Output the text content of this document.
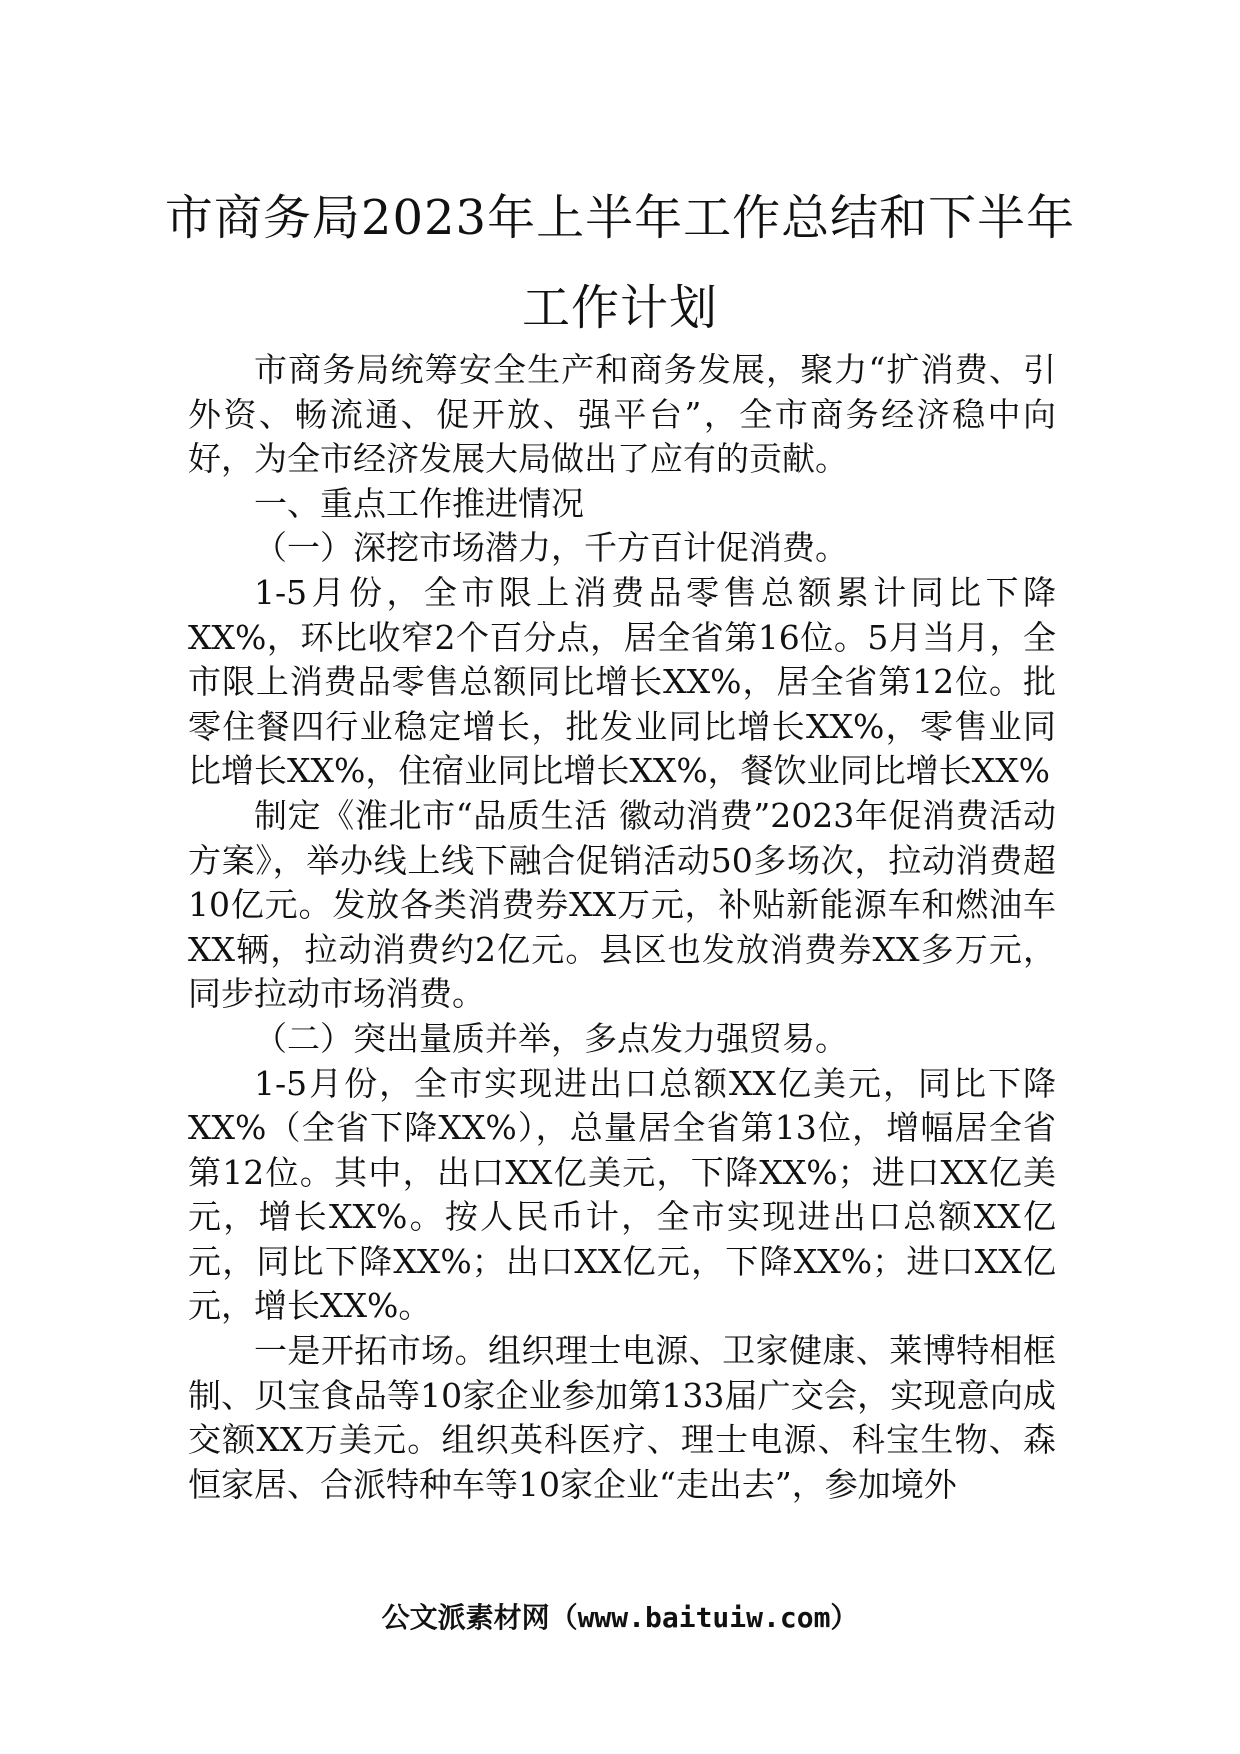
市商务局2023年上半年工作总结和下半年
工作计划

市商务局统筹安全生产和商务发展，聚力“扩消费、引外资、畅流通、促开放、强平台”，全市商务经济稳中向好，为全市经济发展大局做出了应有的贡献。

一、重点工作推进情况

（一）深挖市场潜力，千方百计促消费。

1-5月份，全市限上消费品零售总额累计同比下降XX%，环比收窄2个百分点，居全省第16位。5月当月，全市限上消费品零售总额同比增长XX%，居全省第12位。批零住餐四行业稳定增长，批发业同比增长XX%，零售业同比增长XX%，住宿业同比增长XX%，餐饮业同比增长XX%

制定《淮北市“品质生活 徽动消费”2023年促消费活动方案》，举办线上线下融合促销活动50多场次，拉动消费超10亿元。发放各类消费券XX万元，补贴新能源车和燃油车XX辆，拉动消费约2亿元。县区也发放消费券XX多万元，同步拉动市场消费。

（二）突出量质并举，多点发力强贸易。

1-5月份，全市实现进出口总额XX亿美元，同比下降XX%（全省下降XX%），总量居全省第13位，增幅居全省第12位。其中，出口XX亿美元，下降XX%；进口XX亿美元，增长XX%。按人民币计，全市实现进出口总额XX亿元，同比下降XX%；出口XX亿元，下降XX%；进口XX亿元，增长XX%。

一是开拓市场。组织理士电源、卫家健康、莱博特相框制、贝宝食品等10家企业参加第133届广交会，实现意向成交额XX万美元。组织英科医疗、理士电源、科宝生物、森恒家居、合派特种车等10家企业“走出去”，参加境外

公文派素材网（www.baituiw.com）
